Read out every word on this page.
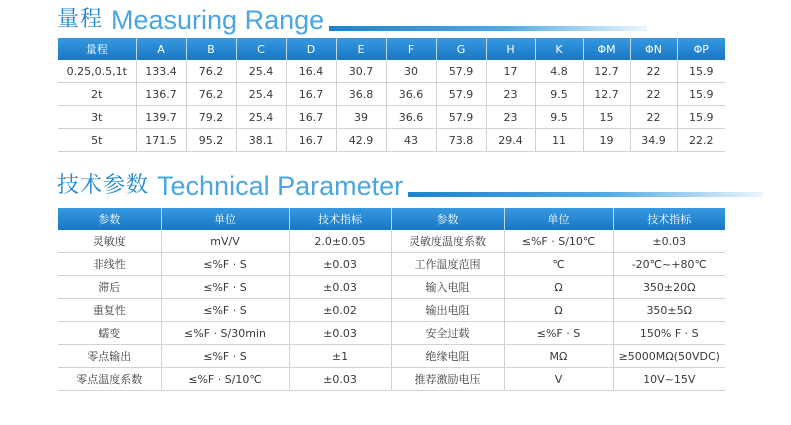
量程 Measuring Range
量程	A	B	C	D	E	F	G	H	K	ΦM	ΦN	ΦP
0.25,0.5,1t	133.4	76.2	25.4	16.4	30.7	30	57.9	17	4.8	12.7	22	15.9
2t	136.7	76.2	25.4	16.7	36.8	36.6	57.9	23	9.5	12.7	22	15.9
3t	139.7	79.2	25.4	16.7	39	36.6	57.9	23	9.5	15	22	15.9
5t	171.5	95.2	38.1	16.7	42.9	43	73.8	29.4	11	19	34.9	22.2
技术参数 Technical Parameter
参数	单位	技术指标	参数	单位	技术指标
灵敏度	mV/V	2.0±0.05	灵敏度温度系数	≤%F · S/10℃	±0.03
非线性	≤%F · S	±0.03	工作温度范围	℃	-20℃~+80℃
滞后	≤%F · S	±0.03	输入电阻	Ω	350±20Ω
重复性	≤%F · S	±0.02	输出电阻	Ω	350±5Ω
蠕变	≤%F · S/30min	±0.03	安全过载	≤%F · S	150% F · S
零点输出	≤%F · S	±1	绝缘电阻	MΩ	≥5000MΩ(50VDC)
零点温度系数	≤%F · S/10℃	±0.03	推荐激励电压	V	10V~15V
